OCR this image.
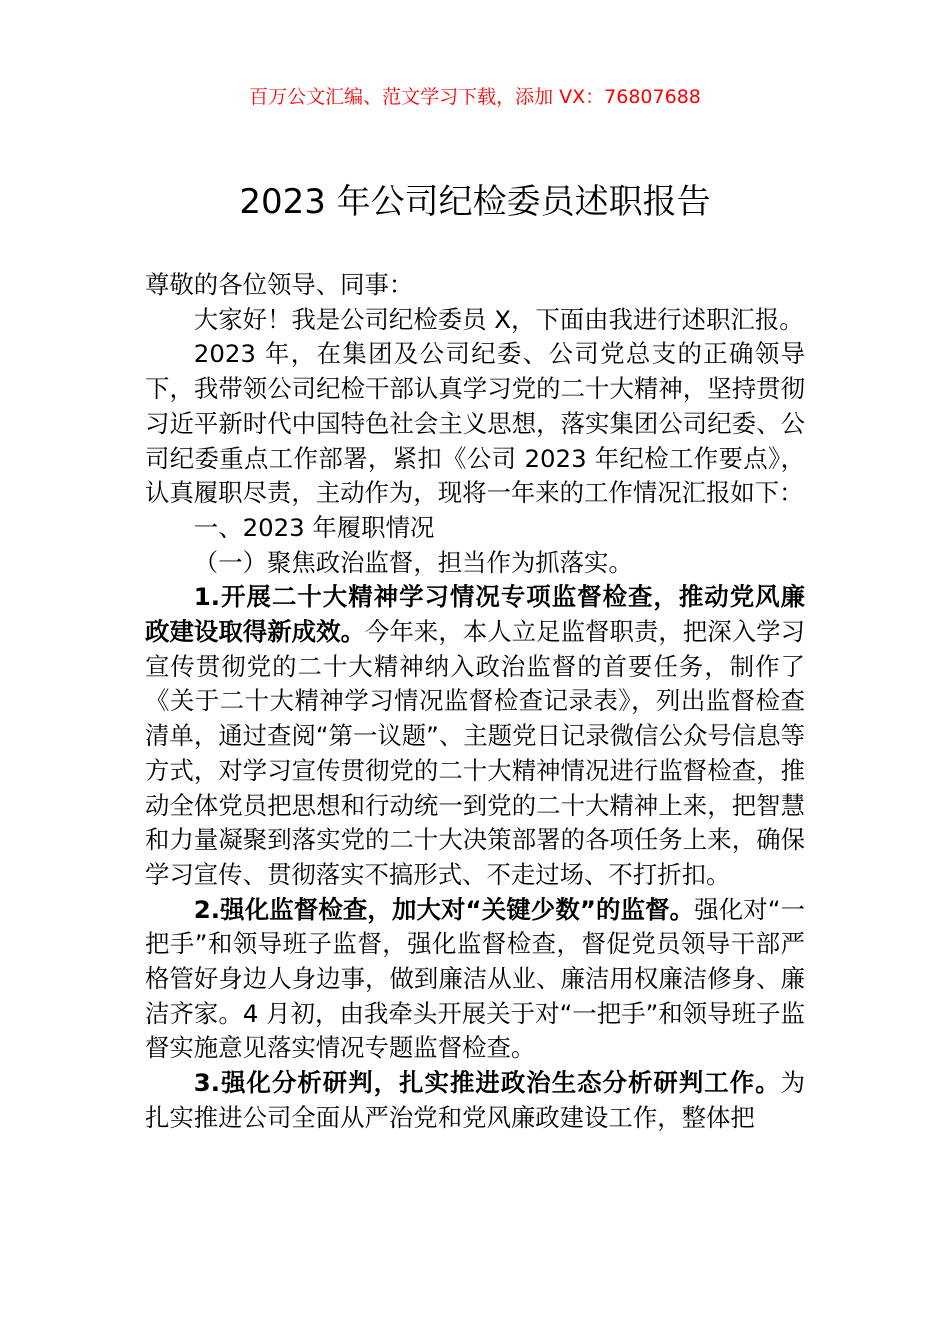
百万公文汇编、范文学习下载，添加 VX：76807688
2023 年公司纪检委员述职报告

尊敬的各位领导、同事：

大家好！我是公司纪检委员 X，下面由我进行述职汇报。

2023 年，在集团及公司纪委、公司党总支的正确领导下，我带领公司纪检干部认真学习党的二十大精神，坚持贯彻习近平新时代中国特色社会主义思想，落实集团公司纪委、公司纪委重点工作部署，紧扣《公司 2023 年纪检工作要点》，认真履职尽责，主动作为，现将一年来的工作情况汇报如下：

一、2023 年履职情况

（一）聚焦政治监督，担当作为抓落实。

1.开展二十大精神学习情况专项监督检查，推动党风廉政建设取得新成效。今年来，本人立足监督职责，把深入学习宣传贯彻党的二十大精神纳入政治监督的首要任务，制作了《关于二十大精神学习情况监督检查记录表》，列出监督检查清单，通过查阅“第一议题”、主题党日记录微信公众号信息等方式，对学习宣传贯彻党的二十大精神情况进行监督检查，推动全体党员把思想和行动统一到党的二十大精神上来，把智慧和力量凝聚到落实党的二十大决策部署的各项任务上来，确保学习宣传、贯彻落实不搞形式、不走过场、不打折扣。

2.强化监督检查，加大对“关键少数”的监督。强化对“一把手”和领导班子监督，强化监督检查，督促党员领导干部严格管好身边人身边事，做到廉洁从业、廉洁用权廉洁修身、廉洁齐家。4 月初，由我牵头开展关于对“一把手”和领导班子监督实施意见落实情况专题监督检查。

3.强化分析研判，扎实推进政治生态分析研判工作。为扎实推进公司全面从严治党和党风廉政建设工作，整体把
